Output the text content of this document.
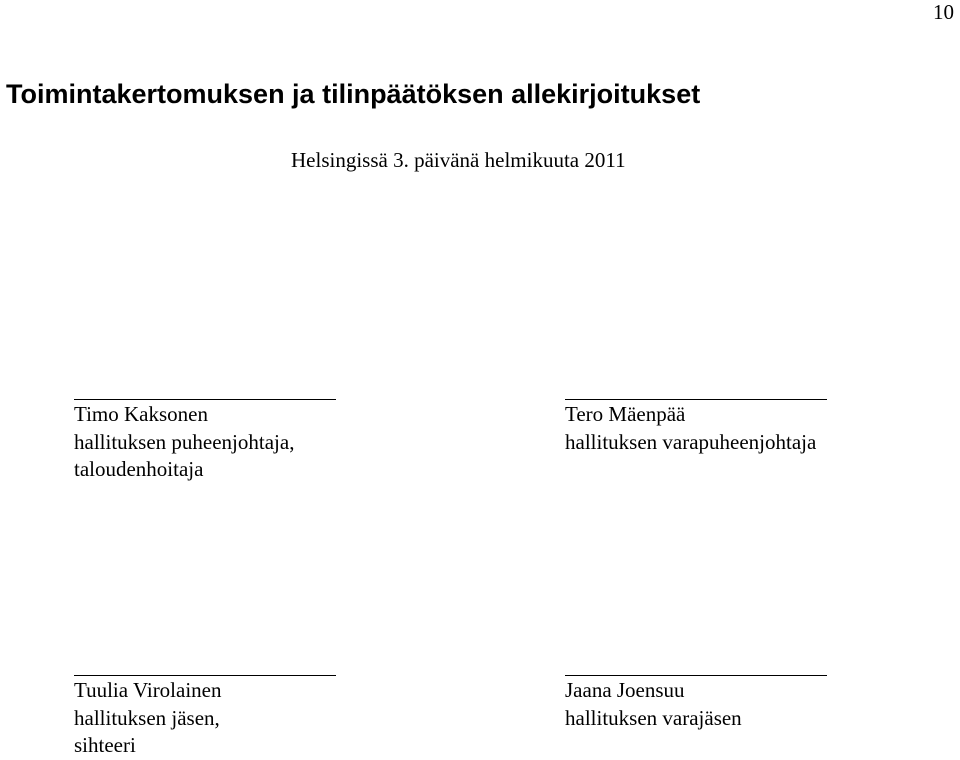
10
Toimintakertomuksen ja tilinpäätöksen allekirjoitukset
Helsingissä 3. päivänä helmikuuta 2011
Timo Kaksonen
hallituksen puheenjohtaja,
taloudenhoitaja
Tero Mäenpää
hallituksen varapuheenjohtaja
Tuulia Virolainen
hallituksen jäsen,
sihteeri
Jaana Joensuu
hallituksen varajäsen
